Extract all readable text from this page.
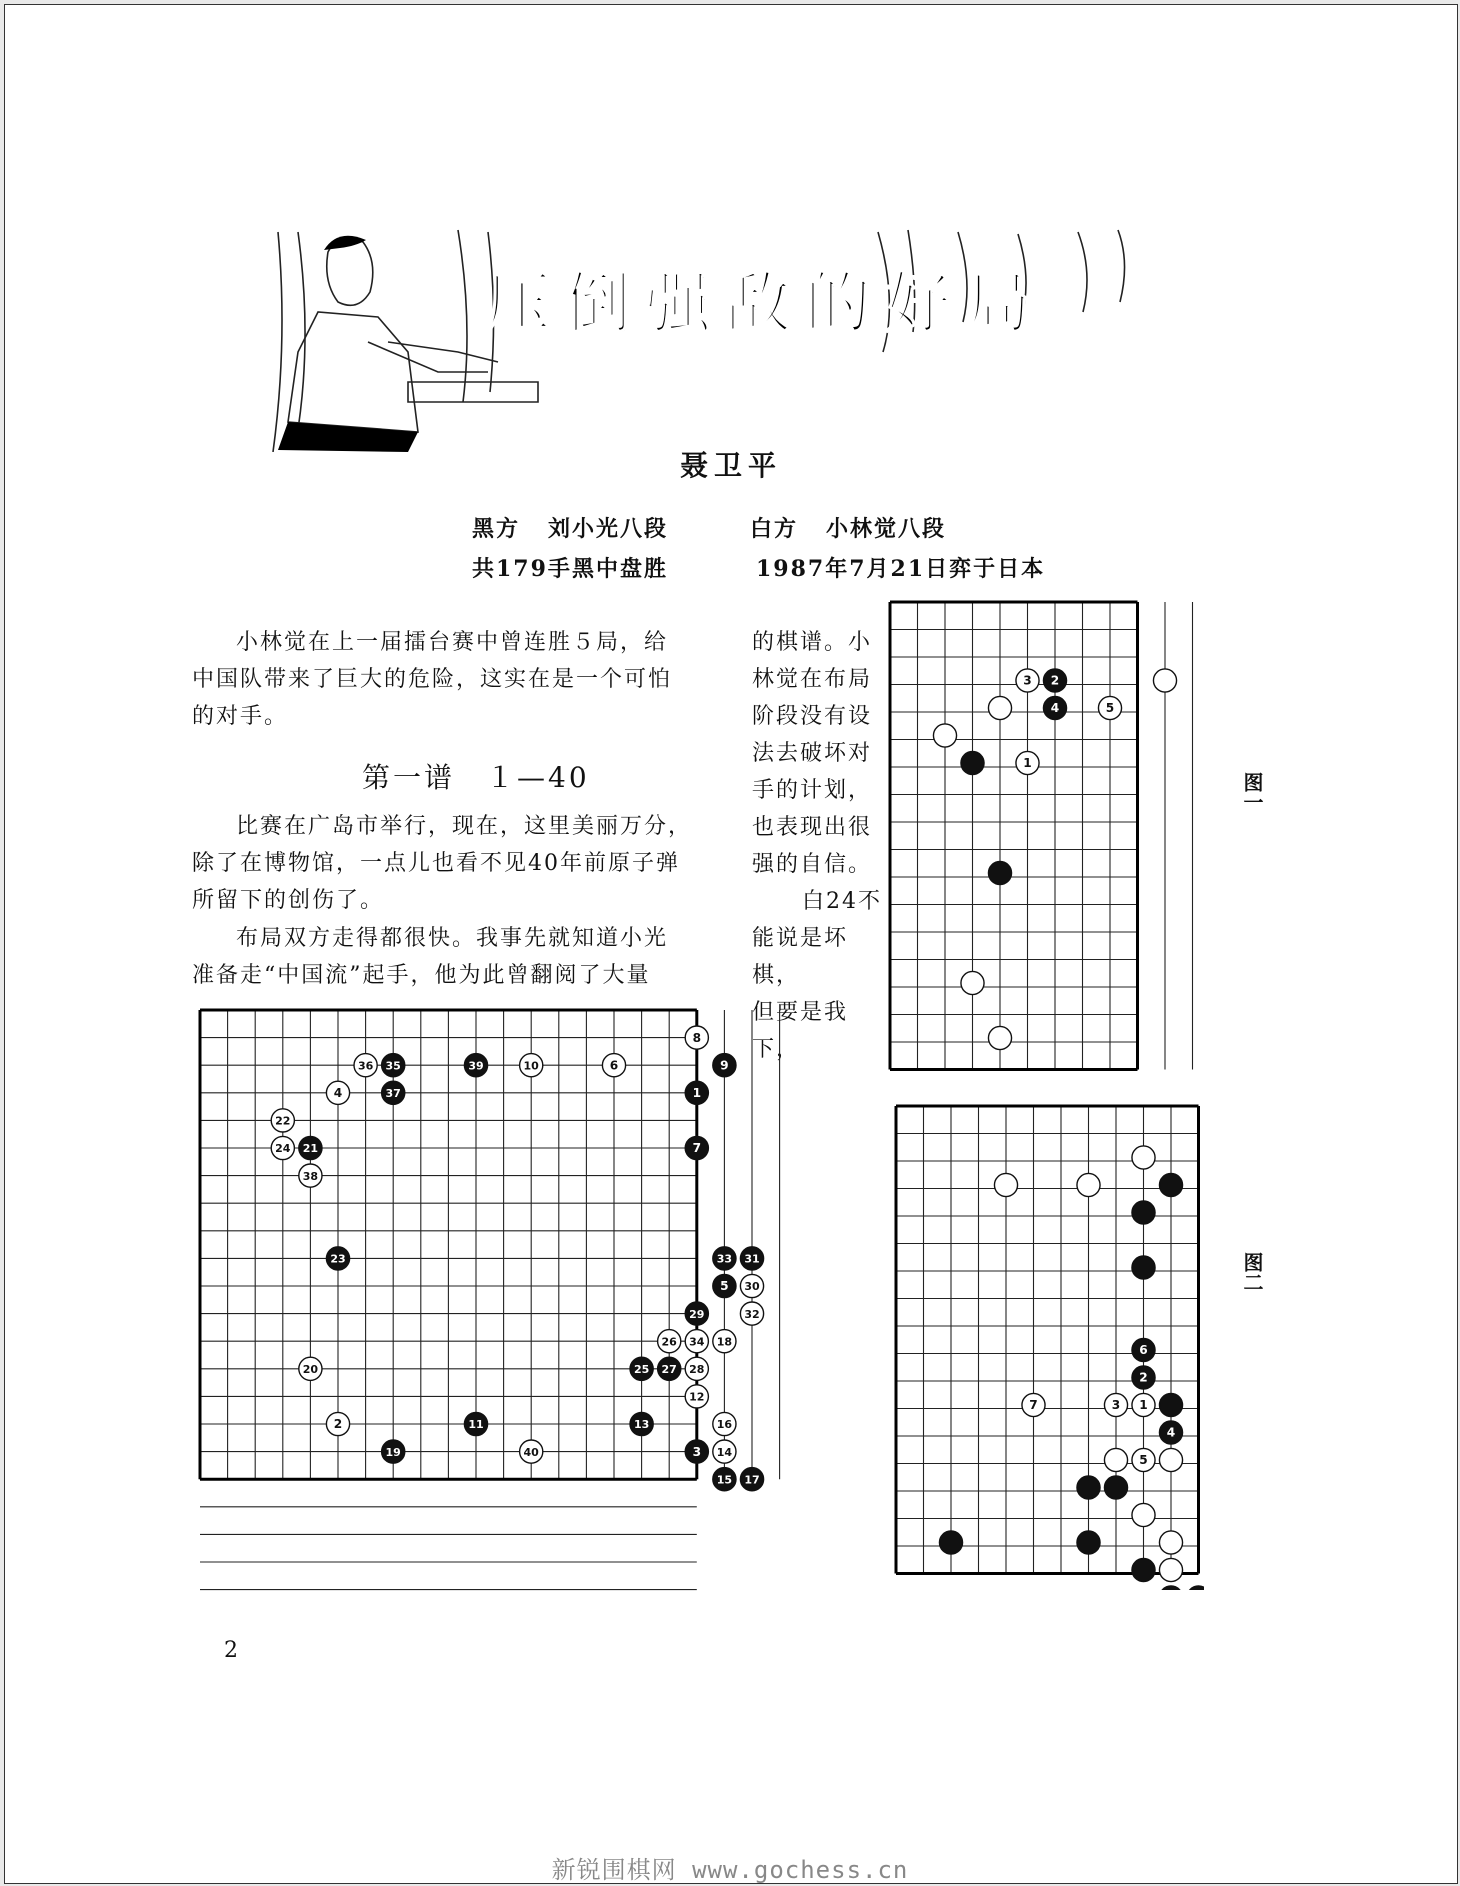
压倒强敌的好局
聂卫平
黑方 刘小光八段	白方 小林觉八段
共179手 黑中盘胜	1987年7月21日弈于日本
小林觉在上一届擂台赛中曾连胜５局，给
中国队带来了巨大的危险，这实在是一个可怕
的对手。
第一谱　１—40
比赛在广岛市举行，现在，这里美丽万分，
除了在博物馆，一点儿也看不见40年前原子弹
所留下的创伤了。
布局双方走得都很快。我事先就知道小光
准备走“中国流”起手，他为此曾翻阅了大量
的棋谱。小
林觉在布局
阶段没有设
法去破坏对
手的计划，
也表现出很
强的自信。
白24不
能说是坏棋，
但要是我下，
3 2
4	5
1
8
36 35	39	10	6	9
4	37	1
22
24 21	7
38
23	33 31
5 30
29	32
26 34 18
20	25 27 28
12
2	11	13	16
19	40	3 14
15 17
6
2
7	3 1
4
5
图一
图二
2
新锐围棋网 www.gochess.cn
